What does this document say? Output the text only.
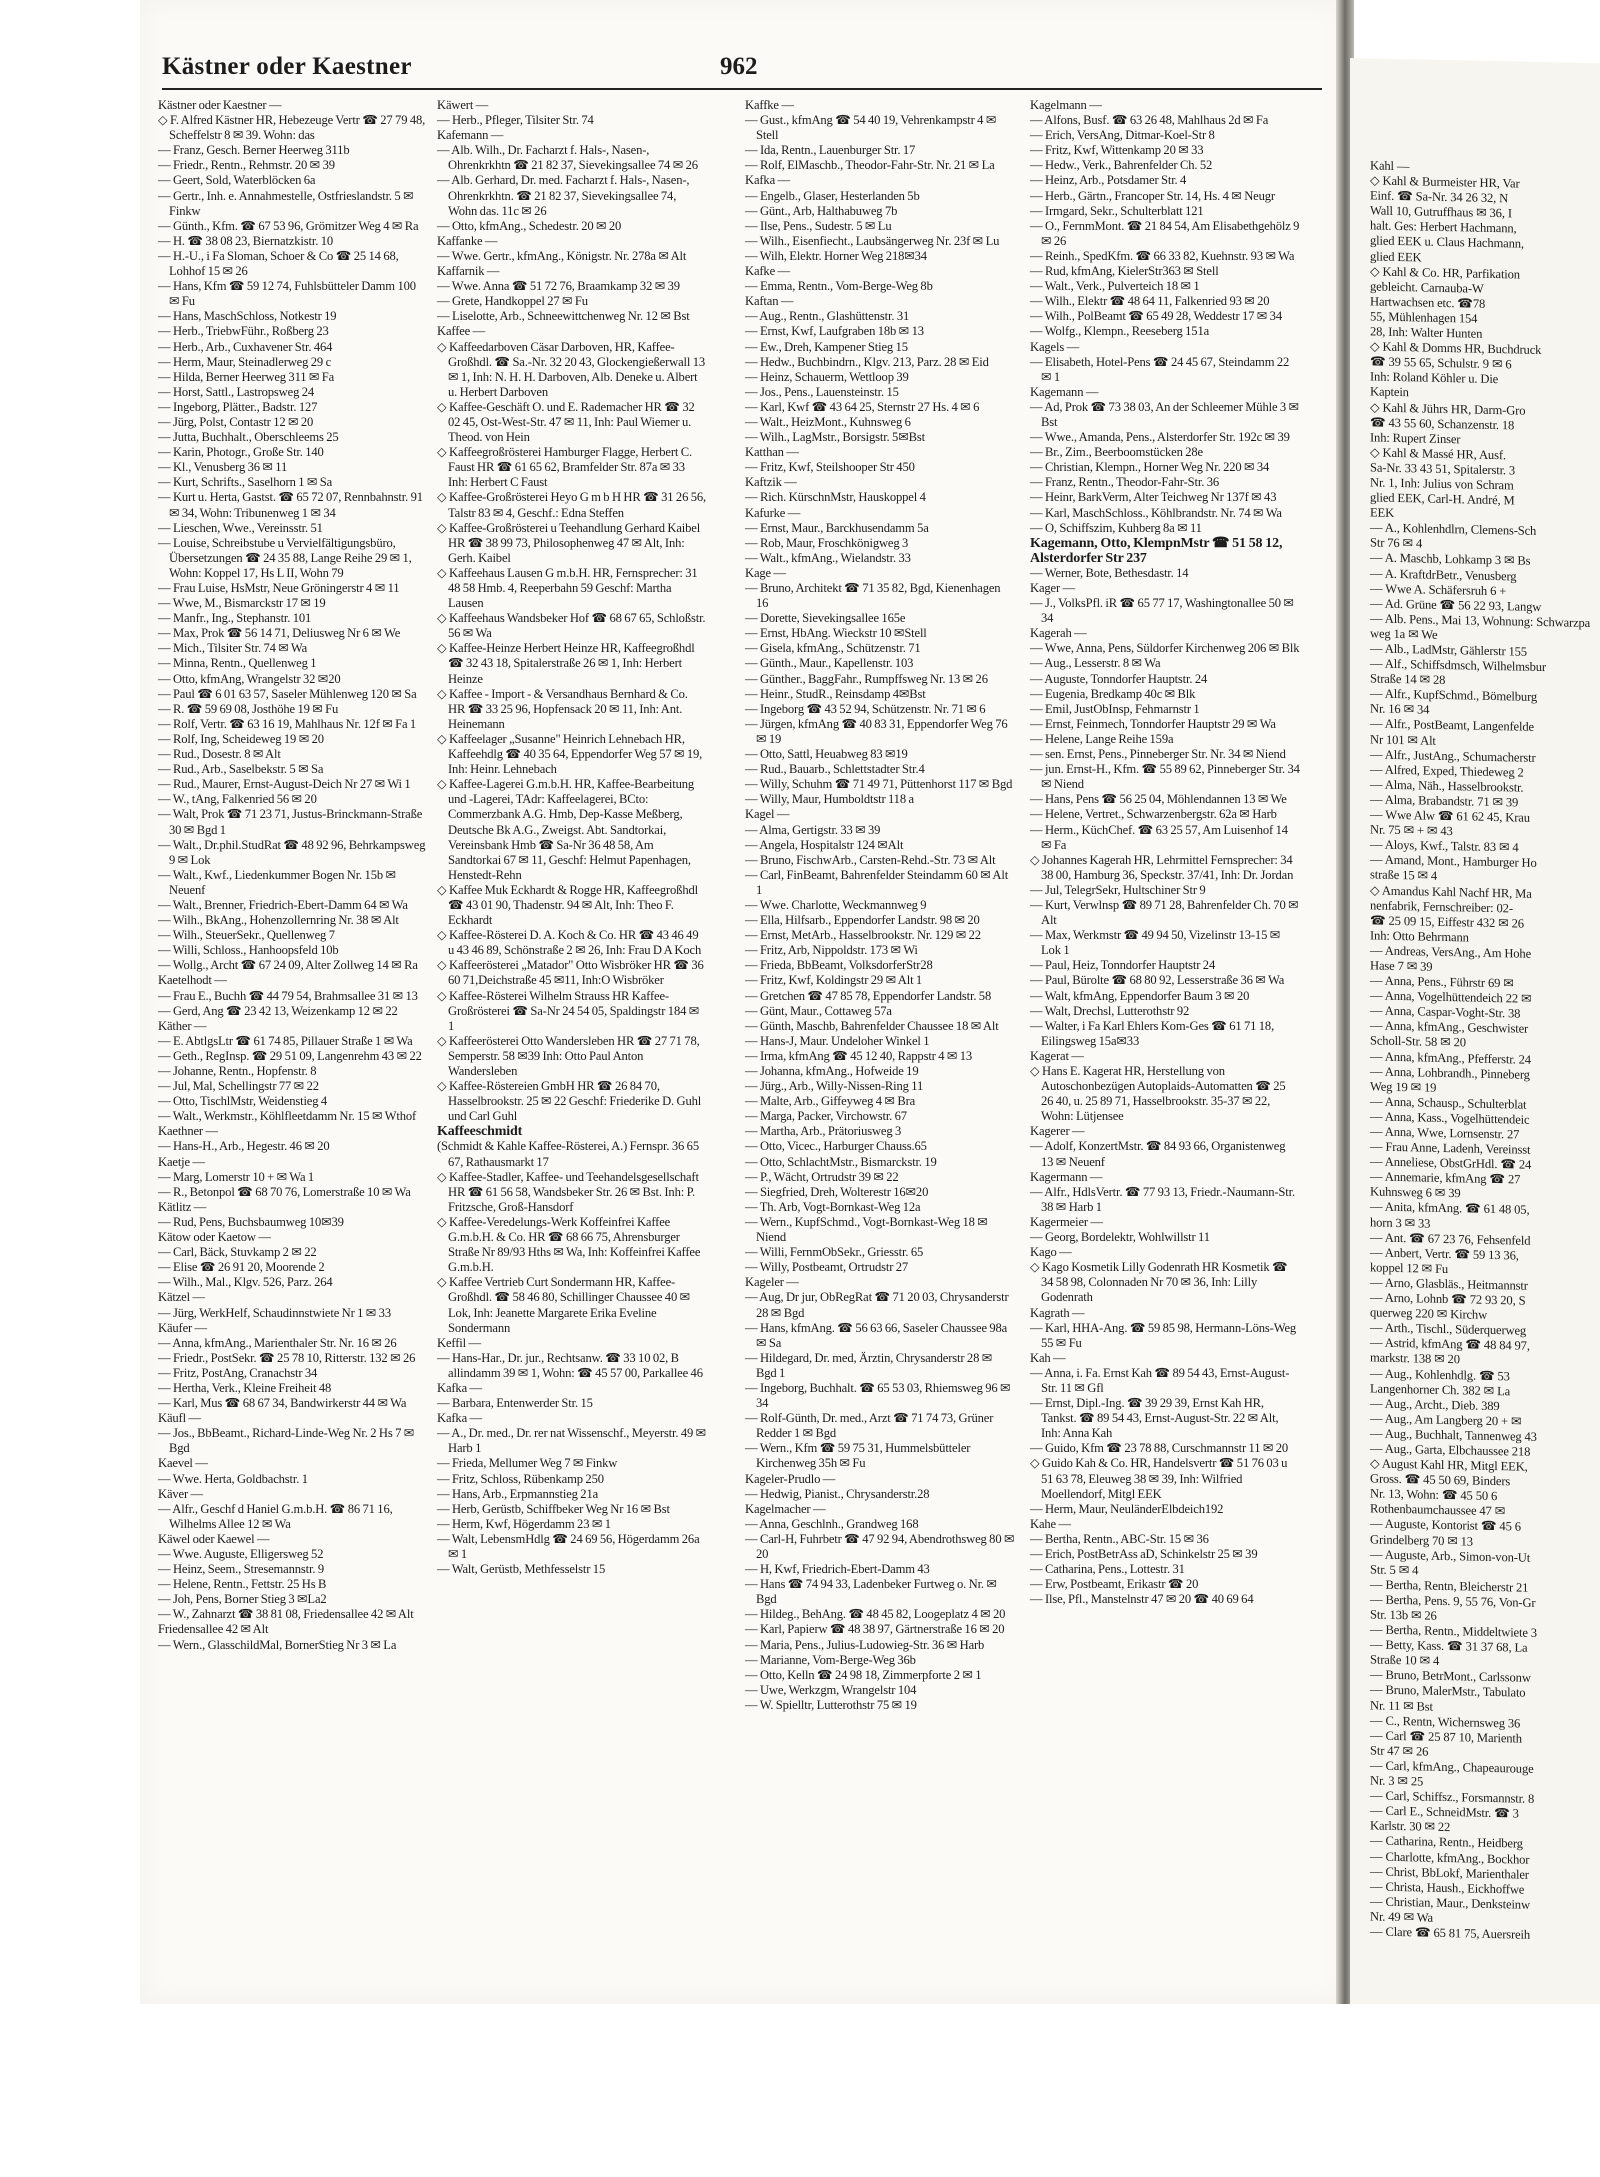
Kahl —

◇ Kahl & Burmeister HR, Var

Einf. ☎ Sa-Nr. 34 26 32, N

Wall 10, Gutruffhaus ✉ 36, I

halt. Ges: Herbert Hachmann,

glied EEK u. Claus Hachmann,

glied EEK

◇ Kahl & Co. HR, Parfikation

gebleicht. Carnauba-W

Hartwachsen etc. ☎78

55, Mühlenhagen 154

28, Inh: Walter Hunten

◇ Kahl & Domms HR, Buchdruck

☎ 39 55 65, Schulstr. 9 ✉ 6

Inh: Roland Köhler u. Die

Kaptein

◇ Kahl & Jührs HR, Darm-Gro

☎ 43 55 60, Schanzenstr. 18

Inh: Rupert Zinser

◇ Kahl & Massé HR, Ausf.

Sa-Nr. 33 43 51, Spitalerstr. 3

Nr. 1, Inh: Julius von Schram

glied EEK, Carl-H. André, M

EEK

— A., Kohlenhdlrn, Clemens-Sch

Str 76 ✉ 4

— A. Maschb, Lohkamp 3 ✉ Bs

— A. KraftdrBetr., Venusberg

— Wwe A. Schäfersruh 6 +

— Ad. Grüne ☎ 56 22 93, Langw

— Alb. Pens., Mai 13, Wohnung: Schwarzpa

weg 1a ✉ We

— Alb., LadMstr, Gählerstr 155

— Alf., Schiffsdmsch, Wilhelmsbur

Straße 14 ✉ 28

— Alfr., KupfSchmd., Bömelburg

Nr. 16 ✉ 34

— Alfr., PostBeamt, Langenfelde

Nr 101 ✉ Alt

— Alfr., JustAng., Schumacherstr

— Alfred, Exped, Thiedeweg 2

— Alma, Näh., Hasselbrookstr.

— Alma, Brabandstr. 71 ✉ 39

— Wwe Alw ☎ 61 62 45, Krau

Nr. 75 ✉ + ✉ 43

— Aloys, Kwf., Talstr. 83 ✉ 4

— Amand, Mont., Hamburger Ho

straße 15 ✉ 4

◇ Amandus Kahl Nachf HR, Ma

nenfabrik, Fernschreiber: 02-

☎ 25 09 15, Eiffestr 432 ✉ 26

Inh: Otto Behrmann

— Andreas, VersAng., Am Hohe

Hase 7 ✉ 39

— Anna, Pens., Führstr 69 ✉

— Anna, Vogelhüttendeich 22 ✉

— Anna, Caspar-Voght-Str. 38

— Anna, kfmAng., Geschwister

Scholl-Str. 58 ✉ 20

— Anna, kfmAng., Pfefferstr. 24

— Anna, Lohbrandh., Pinneberg

Weg 19 ✉ 19

— Anna, Schausp., Schulterblat

— Anna, Kass., Vogelhüttendeic

— Anna, Wwe, Lornsenstr. 27

— Frau Anne, Ladenh, Vereinsst

— Anneliese, ObstGrHdl. ☎ 24

— Annemarie, kfmAng ☎ 27

Kuhnsweg 6 ✉ 39

— Anita, kfmAng. ☎ 61 48 05,

horn 3 ✉ 33

— Ant. ☎ 67 23 76, Fehsenfeld

— Anbert, Vertr. ☎ 59 13 36,

koppel 12 ✉ Fu

— Arno, Glasbläs., Heitmannstr

— Arno, Lohnb ☎ 72 93 20, S

querweg 220 ✉ Kirchw

— Arth., Tischl., Süderquerweg

— Astrid, kfmAng ☎ 48 84 97,

markstr. 138 ✉ 20

— Aug., Kohlenhdlg. ☎ 53

Langenhorner Ch. 382 ✉ La

— Aug., Archt., Dieb. 389

— Aug., Am Langberg 20 + ✉

— Aug., Buchhalt, Tannenweg 43

— Aug., Garta, Elbchaussee 218

◇ August Kahl HR, Mitgl EEK,

Gross. ☎ 45 50 69, Binders

Nr. 13, Wohn: ☎ 45 50 6

Rothenbaumchaussee 47 ✉

— Auguste, Kontorist ☎ 45 6

Grindelberg 70 ✉ 13

— Auguste, Arb., Simon-von-Ut

Str. 5 ✉ 4

— Bertha, Rentn, Bleicherstr 21

— Bertha, Pens. 9, 55 76, Von-Gr

Str. 13b ✉ 26

— Bertha, Rentn., Middeltwiete 3

— Betty, Kass. ☎ 31 37 68, La

Straße 10 ✉ 4

— Bruno, BetrMont., Carlssonw

— Bruno, MalerMstr., Tabulato

Nr. 11 ✉ Bst

— C., Rentn, Wichernsweg 36

— Carl ☎ 25 87 10, Marienth

Str 47 ✉ 26

— Carl, kfmAng., Chapeaurouge

Nr. 3 ✉ 25

— Carl, Schiffsz., Forsmannstr. 8

— Carl E., SchneidMstr. ☎ 3

Karlstr. 30 ✉ 22

— Catharina, Rentn., Heidberg

— Charlotte, kfmAng., Bockhor

— Christ, BbLokf, Marienthaler

— Christa, Haush., Eickhoffwe

— Christian, Maur., Denksteinw

Nr. 49 ✉ Wa

— Clare ☎ 65 81 75, Auersreih

Kästner oder Kaestner	962

Kästner oder Kaestner —

◇ F. Alfred Kästner HR, Hebezeuge Vertr ☎ 27 79 48, Scheffelstr 8 ✉ 39. Wohn: das

— Franz, Gesch. Berner Heerweg 311b

— Friedr., Rentn., Rehmstr. 20 ✉ 39

— Geert, Sold, Waterblöcken 6a

— Gertr., Inh. e. Annahmestelle, Ostfrieslandstr. 5 ✉ Finkw

— Günth., Kfm. ☎ 67 53 96, Grömitzer Weg 4 ✉ Ra

— H. ☎ 38 08 23, Biernatzkistr. 10

— H.-U., i Fa Sloman, Schoer & Co ☎ 25 14 68, Lohhof 15 ✉ 26

— Hans, Kfm ☎ 59 12 74, Fuhlsbütteler Damm 100 ✉ Fu

— Hans, MaschSchloss, Notkestr 19

— Herb., TriebwFühr., Roßberg 23

— Herb., Arb., Cuxhavener Str. 464

— Herm, Maur, Steinadlerweg 29 c

— Hilda, Berner Heerweg 311 ✉ Fa

— Horst, Sattl., Lastropsweg 24

— Ingeborg, Plätter., Badstr. 127

— Jürg, Polst, Contastr 12 ✉ 20

— Jutta, Buchhalt., Oberschleems 25

— Karin, Photogr., Große Str. 140

— Kl., Venusberg 36 ✉ 11

— Kurt, Schrifts., Saselhorn 1 ✉ Sa

— Kurt u. Herta, Gastst. ☎ 65 72 07, Rennbahnstr. 91 ✉ 34, Wohn: Tribunenweg 1 ✉ 34

— Lieschen, Wwe., Vereinsstr. 51

— Louise, Schreibstube u Vervielfältigungsbüro, Übersetzungen ☎ 24 35 88, Lange Reihe 29 ✉ 1, Wohn: Koppel 17, Hs L II, Wohn 79

— Frau Luise, HsMstr, Neue Gröningerstr 4 ✉ 11

— Wwe, M., Bismarckstr 17 ✉ 19

— Manfr., Ing., Stephanstr. 101

— Max, Prok ☎ 56 14 71, Deliusweg Nr 6 ✉ We

— Mich., Tilsiter Str. 74 ✉ Wa

— Minna, Rentn., Quellenweg 1

— Otto, kfmAng, Wrangelstr 32 ✉20

— Paul ☎ 6 01 63 57, Saseler Mühlenweg 120 ✉ Sa

— R. ☎ 59 69 08, Josthöhe 19 ✉ Fu

— Rolf, Vertr. ☎ 63 16 19, Mahlhaus Nr. 12f ✉ Fa 1

— Rolf, Ing, Scheideweg 19 ✉ 20

— Rud., Dosestr. 8 ✉ Alt

— Rud., Arb., Saselbekstr. 5 ✉ Sa

— Rud., Maurer, Ernst-August-Deich Nr 27 ✉ Wi 1

— W., tAng, Falkenried 56 ✉ 20

— Walt, Prok ☎ 71 23 71, Justus-Brinckmann-Straße 30 ✉ Bgd 1

— Walt., Dr.phil.StudRat ☎ 48 92 96, Behrkampsweg 9 ✉ Lok

— Walt., Kwf., Liedenkummer Bogen Nr. 15b ✉ Neuenf

— Walt., Brenner, Friedrich-Ebert-Damm 64 ✉ Wa

— Wilh., BkAng., Hohenzollernring Nr. 38 ✉ Alt

— Wilh., SteuerSekr., Quellenweg 7

— Willi, Schloss., Hanhoopsfeld 10b

— Wollg., Archt ☎ 67 24 09, Alter Zollweg 14 ✉ Ra

Kaetelhodt —

— Frau E., Buchh ☎ 44 79 54, Brahmsallee 31 ✉ 13

— Gerd, Ang ☎ 23 42 13, Weizenkamp 12 ✉ 22

Käther —

— E. AbtlgsLtr ☎ 61 74 85, Pillauer Straße 1 ✉ Wa

— Geth., RegInsp. ☎ 29 51 09, Langenrehm 43 ✉ 22

— Johanne, Rentn., Hopfenstr. 8

— Jul, Mal, Schellingstr 77 ✉ 22

— Otto, TischlMstr, Weidenstieg 4

— Walt., Werkmstr., Köhlfleetdamm Nr. 15 ✉ Wthof

Kaethner —

— Hans-H., Arb., Hegestr. 46 ✉ 20

Kaetje —

— Marg, Lomerstr 10 + ✉ Wa 1

— R., Betonpol ☎ 68 70 76, Lomerstraße 10 ✉ Wa

Kätlitz —

— Rud, Pens, Buchsbaumweg 10✉39

Kätow oder Kaetow —

— Carl, Bäck, Stuvkamp 2 ✉ 22

— Elise ☎ 26 91 20, Moorende 2

— Wilh., Mal., Klgv. 526, Parz. 264

Kätzel —

— Jürg, WerkHelf, Schaudinnstwiete Nr 1 ✉ 33

Käufer —

— Anna, kfmAng., Marienthaler Str. Nr. 16 ✉ 26

— Friedr., PostSekr. ☎ 25 78 10, Ritterstr. 132 ✉ 26

— Fritz, PostAng, Cranachstr 34

— Hertha, Verk., Kleine Freiheit 48

— Karl, Mus ☎ 68 67 34, Bandwirkerstr 44 ✉ Wa

Käufl —

— Jos., BbBeamt., Richard-Linde-Weg Nr. 2 Hs 7 ✉ Bgd

Kaevel —

— Wwe. Herta, Goldbachstr. 1

Käver —

— Alfr., Geschf d Haniel G.m.b.H. ☎ 86 71 16, Wilhelms Allee 12 ✉ Wa

Käwel oder Kaewel —

— Wwe. Auguste, Elligersweg 52

— Heinz, Seem., Stresemannstr. 9

— Helene, Rentn., Fettstr. 25 Hs B

— Joh, Pens, Borner Stieg 3 ✉La2

— W., Zahnarzt ☎ 38 81 08, Friedensallee 42 ✉ Alt

Friedensallee 42 ✉ Alt

— Wern., GlasschildMal, BornerStieg Nr 3 ✉ La

Käwert —

— Herb., Pfleger, Tilsiter Str. 74

Kafemann —

— Alb. Wilh., Dr. Facharzt f. Hals-, Nasen-, Ohrenkrkhtn ☎ 21 82 37, Sievekingsallee 74 ✉ 26

— Alb. Gerhard, Dr. med. Facharzt f. Hals-, Nasen-, Ohrenkrkhtn. ☎ 21 82 37, Sievekingsallee 74, Wohn das. 11c ✉ 26

— Otto, kfmAng., Schedestr. 20 ✉ 20

Kaffanke —

— Wwe. Gertr., kfmAng., Königstr. Nr. 278a ✉ Alt

Kaffarnik —

— Wwe. Anna ☎ 51 72 76, Braamkamp 32 ✉ 39

— Grete, Handkoppel 27 ✉ Fu

— Liselotte, Arb., Schneewittchenweg Nr. 12 ✉ Bst

Kaffee —

◇ Kaffeedarboven Cäsar Darboven, HR, Kaffee-Großhdl. ☎ Sa.-Nr. 32 20 43, Glockengießerwall 13 ✉ 1, Inh: N. H. H. Darboven, Alb. Deneke u. Albert u. Herbert Darboven

◇ Kaffee-Geschäft O. und E. Rademacher HR ☎ 32 02 45, Ost-West-Str. 47 ✉ 11, Inh: Paul Wiemer u. Theod. von Hein

◇ Kaffeegroßrösterei Hamburger Flagge, Herbert C. Faust HR ☎ 61 65 62, Bramfelder Str. 87a ✉ 33 Inh: Herbert C Faust

◇ Kaffee-Großrösterei Heyo G m b H HR ☎ 31 26 56, Talstr 83 ✉ 4, Geschf.: Edna Steffen

◇ Kaffee-Großrösterei u Teehandlung Gerhard Kaibel HR ☎ 38 99 73, Philosophenweg 47 ✉ Alt, Inh: Gerh. Kaibel

◇ Kaffeehaus Lausen G m.b.H. HR, Fernsprecher: 31 48 58 Hmb. 4, Reeperbahn 59 Geschf: Martha Lausen

◇ Kaffeehaus Wandsbeker Hof ☎ 68 67 65, Schloßstr. 56 ✉ Wa

◇ Kaffee-Heinze Herbert Heinze HR, Kaffeegroßhdl ☎ 32 43 18, Spitalerstraße 26 ✉ 1, Inh: Herbert Heinze

◇ Kaffee - Import - & Versandhaus Bernhard & Co. HR ☎ 33 25 96, Hopfensack 20 ✉ 11, Inh: Ant. Heinemann

◇ Kaffeelager „Susanne" Heinrich Lehnebach HR, Kaffeehdlg ☎ 40 35 64, Eppendorfer Weg 57 ✉ 19, Inh: Heinr. Lehnebach

◇ Kaffee-Lagerei G.m.b.H. HR, Kaffee-Bearbeitung und -Lagerei, TAdr: Kaffeelagerei, BCto: Commerzbank A.G. Hmb, Dep-Kasse Meßberg, Deutsche Bk A.G., Zweigst. Abt. Sandtorkai, Vereinsbank Hmb ☎ Sa-Nr 36 48 58, Am Sandtorkai 67 ✉ 11, Geschf: Helmut Papenhagen, Henstedt-Rehn

◇ Kaffee Muk Eckhardt & Rogge HR, Kaffeegroßhdl ☎ 43 01 90, Thadenstr. 94 ✉ Alt, Inh: Theo F. Eckhardt

◇ Kaffee-Rösterei D. A. Koch & Co. HR ☎ 43 46 49 u 43 46 89, Schönstraße 2 ✉ 26, Inh: Frau D A Koch

◇ Kaffeerösterei „Matador" Otto Wisbröker HR ☎ 36 60 71,Deichstraße 45 ✉11, Inh:O Wisbröker

◇ Kaffee-Rösterei Wilhelm Strauss HR Kaffee-Großrösterei ☎ Sa-Nr 24 54 05, Spaldingstr 184 ✉ 1

◇ Kaffeerösterei Otto Wandersleben HR ☎ 27 71 78, Semperstr. 58 ✉39 Inh: Otto Paul Anton Wandersleben

◇ Kaffee-Röstereien GmbH HR ☎ 26 84 70, Hasselbrookstr. 25 ✉ 22 Geschf: Friederike D. Guhl und Carl Guhl

Kaffeeschmidt

(Schmidt & Kahle Kaffee-Rösterei, A.) Fernspr. 36 65 67, Rathausmarkt 17

◇ Kaffee-Stadler, Kaffee- und Teehandelsgesellschaft HR ☎ 61 56 58, Wandsbeker Str. 26 ✉ Bst. Inh: P. Fritzsche, Groß-Hansdorf

◇ Kaffee-Veredelungs-Werk Koffeinfrei Kaffee G.m.b.H. & Co. HR ☎ 68 66 75, Ahrensburger Straße Nr 89/93 Hths ✉ Wa, Inh: Koffeinfrei Kaffee G.m.b.H.

◇ Kaffee Vertrieb Curt Sondermann HR, Kaffee-Großhdl. ☎ 58 46 80, Schillinger Chaussee 40 ✉ Lok, Inh: Jeanette Margarete Erika Eveline Sondermann

Keffil —

— Hans-Har., Dr. jur., Rechtsanw. ☎ 33 10 02, B allindamm 39 ✉ 1, Wohn: ☎ 45 57 00, Parkallee 46

Kafka —

— Barbara, Entenwerder Str. 15

Kafka —

— A., Dr. med., Dr. rer nat Wissenschf., Meyerstr. 49 ✉ Harb 1

— Frieda, Mellumer Weg 7 ✉ Finkw

— Fritz, Schloss, Rübenkamp 250

— Hans, Arb., Erpmannstieg 21a

— Herb, Gerüstb, Schiffbeker Weg Nr 16 ✉ Bst

— Herm, Kwf, Högerdamm 23 ✉ 1

— Walt, LebensmHdlg ☎ 24 69 56, Högerdamm 26a ✉ 1

— Walt, Gerüstb, Methfesselstr 15

Kaffke —

— Gust., kfmAng ☎ 54 40 19, Vehrenkampstr 4 ✉ Stell

— Ida, Rentn., Lauenburger Str. 17

— Rolf, ElMaschb., Theodor-Fahr-Str. Nr. 21 ✉ La

Kafka —

— Engelb., Glaser, Hesterlanden 5b

— Günt., Arb, Halthabuweg 7b

— Ilse, Pens., Sudestr. 5 ✉ Lu

— Wilh., Eisenfiecht., Laubsängerweg Nr. 23f ✉ Lu

— Wilh, Elektr. Horner Weg 218✉34

Kafke —

— Emma, Rentn., Vom-Berge-Weg 8b

Kaftan —

— Aug., Rentn., Glashüttenstr. 31

— Ernst, Kwf, Laufgraben 18b ✉ 13

— Ew., Dreh, Kampener Stieg 15

— Hedw., Buchbindrn., Klgv. 213, Parz. 28 ✉ Eid

— Heinz, Schauerm, Wettloop 39

— Jos., Pens., Lauensteinstr. 15

— Karl, Kwf ☎ 43 64 25, Sternstr 27 Hs. 4 ✉ 6

— Walt., HeizMont., Kuhnsweg 6

— Wilh., LagMstr., Borsigstr. 5✉Bst

Katthan —

— Fritz, Kwf, Steilshooper Str 450

Kaftzik —

— Rich. KürschnMstr, Hauskoppel 4

Kafurke —

— Ernst, Maur., Barckhusendamm 5a

— Rob, Maur, Froschkönigweg 3

— Walt., kfmAng., Wielandstr. 33

Kage —

— Bruno, Architekt ☎ 71 35 82, Bgd, Kienenhagen 16

— Dorette, Sievekingsallee 165e

— Ernst, HbAng. Wieckstr 10 ✉Stell

— Gisela, kfmAng., Schützenstr. 71

— Günth., Maur., Kapellenstr. 103

— Günther., BaggFahr., Rumpffsweg Nr. 13 ✉ 26

— Heinr., StudR., Reinsdamp 4✉Bst

— Ingeborg ☎ 43 52 94, Schützenstr. Nr. 71 ✉ 6

— Jürgen, kfmAng ☎ 40 83 31, Eppendorfer Weg 76 ✉ 19

— Otto, Sattl, Heuabweg 83 ✉19

— Rud., Bauarb., Schlettstadter Str.4

— Willy, Schuhm ☎ 71 49 71, Püttenhorst 117 ✉ Bgd

— Willy, Maur, Humboldtstr 118 a

Kagel —

— Alma, Gertigstr. 33 ✉ 39

— Angela, Hospitalstr 124 ✉Alt

— Bruno, FischwArb., Carsten-Rehd.-Str. 73 ✉ Alt

— Carl, FinBeamt, Bahrenfelder Steindamm 60 ✉ Alt 1

— Wwe. Charlotte, Weckmannweg 9

— Ella, Hilfsarb., Eppendorfer Landstr. 98 ✉ 20

— Ernst, MetArb., Hasselbrookstr. Nr. 129 ✉ 22

— Fritz, Arb, Nippoldstr. 173 ✉ Wi

— Frieda, BbBeamt, VolksdorferStr28

— Fritz, Kwf, Koldingstr 29 ✉ Alt 1

— Gretchen ☎ 47 85 78, Eppendorfer Landstr. 58

— Günt, Maur., Cottaweg 57a

— Günth, Maschb, Bahrenfelder Chaussee 18 ✉ Alt

— Hans-J, Maur. Undeloher Winkel 1

— Irma, kfmAng ☎ 45 12 40, Rappstr 4 ✉ 13

— Johanna, kfmAng., Hofweide 19

— Jürg., Arb., Willy-Nissen-Ring 11

— Malte, Arb., Giffeyweg 4 ✉ Bra

— Marga, Packer, Virchowstr. 67

— Martha, Arb., Prätoriusweg 3

— Otto, Vicec., Harburger Chauss.65

— Otto, SchlachtMstr., Bismarckstr. 19

— P., Wächt, Ortrudstr 39 ✉ 22

— Siegfried, Dreh, Wolterestr 16✉20

— Th. Arb, Vogt-Bornkast-Weg 12a

— Wern., KupfSchmd., Vogt-Bornkast-Weg 18 ✉ Niend

— Willi, FernmObSekr., Griesstr. 65

— Willy, Postbeamt, Ortrudstr 27

Kageler —

— Aug, Dr jur, ObRegRat ☎ 71 20 03, Chrysanderstr 28 ✉ Bgd

— Hans, kfmAng. ☎ 56 63 66, Saseler Chaussee 98a ✉ Sa

— Hildegard, Dr. med, Ärztin, Chrysanderstr 28 ✉ Bgd 1

— Ingeborg, Buchhalt. ☎ 65 53 03, Rhiemsweg 96 ✉ 34

— Rolf-Günth, Dr. med., Arzt ☎ 71 74 73, Grüner Redder 1 ✉ Bgd

— Wern., Kfm ☎ 59 75 31, Hummelsbütteler Kirchenweg 35h ✉ Fu

Kageler-Prudlo —

— Hedwig, Pianist., Chrysanderstr.28

Kagelmacher —

— Anna, Geschlnh., Grandweg 168

— Carl-H, Fuhrbetr ☎ 47 92 94, Abendrothsweg 80 ✉ 20

— H, Kwf, Friedrich-Ebert-Damm 43

— Hans ☎ 74 94 33, Ladenbeker Furtweg o. Nr. ✉ Bgd

— Hildeg., BehAng. ☎ 48 45 82, Loogeplatz 4 ✉ 20

— Karl, Papierw ☎ 48 38 97, Gärtnerstraße 16 ✉ 20

— Maria, Pens., Julius-Ludowieg-Str. 36 ✉ Harb

— Marianne, Vom-Berge-Weg 36b

— Otto, Kelln ☎ 24 98 18, Zimmerpforte 2 ✉ 1

— Uwe, Werkzgm, Wrangelstr 104

— W. Spielltr, Lutterothstr 75 ✉ 19

Kagelmann —

— Alfons, Busf. ☎ 63 26 48, Mahlhaus 2d ✉ Fa

— Erich, VersAng, Ditmar-Koel-Str 8

— Fritz, Kwf, Wittenkamp 20 ✉ 33

— Hedw., Verk., Bahrenfelder Ch. 52

— Heinz, Arb., Potsdamer Str. 4

— Herb., Gärtn., Francoper Str. 14, Hs. 4 ✉ Neugr

— Irmgard, Sekr., Schulterblatt 121

— O., FernmMont. ☎ 21 84 54, Am Elisabethgehölz 9 ✉ 26

— Reinh., SpedKfm. ☎ 66 33 82, Kuehnstr. 93 ✉ Wa

— Rud, kfmAng, KielerStr363 ✉ Stell

— Walt., Verk., Pulverteich 18 ✉ 1

— Wilh., Elektr ☎ 48 64 11, Falkenried 93 ✉ 20

— Wilh., PolBeamt ☎ 65 49 28, Weddestr 17 ✉ 34

— Wolfg., Klempn., Reeseberg 151a

Kagels —

— Elisabeth, Hotel-Pens ☎ 24 45 67, Steindamm 22 ✉ 1

Kagemann —

— Ad, Prok ☎ 73 38 03, An der Schleemer Mühle 3 ✉ Bst

— Wwe., Amanda, Pens., Alsterdorfer Str. 192c ✉ 39

— Br., Zim., Beerboomstücken 28e

— Christian, Klempn., Horner Weg Nr. 220 ✉ 34

— Franz, Rentn., Theodor-Fahr-Str. 36

— Heinr, BarkVerm, Alter Teichweg Nr 137f ✉ 43

— Karl, MaschSchloss., Köhlbrandstr. Nr. 74 ✉ Wa

— O, Schiffszim, Kuhberg 8a ✉ 11

Kagemann, Otto, KlempnMstr ☎ 51 58 12, Alsterdorfer Str 237

— Werner, Bote, Bethesdastr. 14

Kager —

— J., VolksPfl. iR ☎ 65 77 17, Washingtonallee 50 ✉ 34

Kagerah —

— Wwe, Anna, Pens, Süldorfer Kirchenweg 206 ✉ Blk

— Aug., Lesserstr. 8 ✉ Wa

— Auguste, Tonndorfer Hauptstr. 24

— Eugenia, Bredkamp 40c ✉ Blk

— Emil, JustObInsp, Fehmarnstr 1

— Ernst, Feinmech, Tonndorfer Hauptstr 29 ✉ Wa

— Helene, Lange Reihe 159a

— sen. Ernst, Pens., Pinneberger Str. Nr. 34 ✉ Niend

— jun. Ernst-H., Kfm. ☎ 55 89 62, Pinneberger Str. 34 ✉ Niend

— Hans, Pens ☎ 56 25 04, Möhlendannen 13 ✉ We

— Helene, Vertret., Schwarzenbergstr. 62a ✉ Harb

— Herm., KüchChef. ☎ 63 25 57, Am Luisenhof 14 ✉ Fa

◇ Johannes Kagerah HR, Lehrmittel Fernsprecher: 34 38 00, Hamburg 36, Speckstr. 37/41, Inh: Dr. Jordan

— Jul, TelegrSekr, Hultschiner Str 9

— Kurt, Verwlnsp ☎ 89 71 28, Bahrenfelder Ch. 70 ✉ Alt

— Max, Werkmstr ☎ 49 94 50, Vizelinstr 13-15 ✉ Lok 1

— Paul, Heiz, Tonndorfer Hauptstr 24

— Paul, Bürolte ☎ 68 80 92, Lesserstraße 36 ✉ Wa

— Walt, kfmAng, Eppendorfer Baum 3 ✉ 20

— Walt, Drechsl, Lutterothstr 92

— Walter, i Fa Karl Ehlers Kom-Ges ☎ 61 71 18, Eilingsweg 15a✉33

Kagerat —

◇ Hans E. Kagerat HR, Herstellung von Autoschonbezügen Autoplaids-Automatten ☎ 25 26 40, u. 25 89 71, Hasselbrookstr. 35-37 ✉ 22, Wohn: Lütjensee

Kagerer —

— Adolf, KonzertMstr. ☎ 84 93 66, Organistenweg 13 ✉ Neuenf

Kagermann —

— Alfr., HdlsVertr. ☎ 77 93 13, Friedr.-Naumann-Str. 38 ✉ Harb 1

Kagermeier —

— Georg, Bordelektr, Wohlwillstr 11

Kago —

◇ Kago Kosmetik Lilly Godenrath HR Kosmetik ☎ 34 58 98, Colonnaden Nr 70 ✉ 36, Inh: Lilly Godenrath

Kagrath —

— Karl, HHA-Ang. ☎ 59 85 98, Hermann-Löns-Weg 55 ✉ Fu

Kah —

— Anna, i. Fa. Ernst Kah ☎ 89 54 43, Ernst-August-Str. 11 ✉ Gfl

— Ernst, Dipl.-Ing. ☎ 39 29 39, Ernst Kah HR, Tankst. ☎ 89 54 43, Ernst-August-Str. 22 ✉ Alt, Inh: Anna Kah

— Guido, Kfm ☎ 23 78 88, Curschmannstr 11 ✉ 20

◇ Guido Kah & Co. HR, Handelsvertr ☎ 51 76 03 u 51 63 78, Eleuweg 38 ✉ 39, Inh: Wilfried Moellendorf, Mitgl EEK

— Herm, Maur, NeuländerElbdeich192

Kahe —

— Bertha, Rentn., ABC-Str. 15 ✉ 36

— Erich, PostBetrAss aD, Schinkelstr 25 ✉ 39

— Catharina, Pens., Lottestr. 31

— Erw, Postbeamt, Erikastr ☎ 20

— Ilse, Pfl., Manstelnstr 47 ✉ 20 ☎ 40 69 64
